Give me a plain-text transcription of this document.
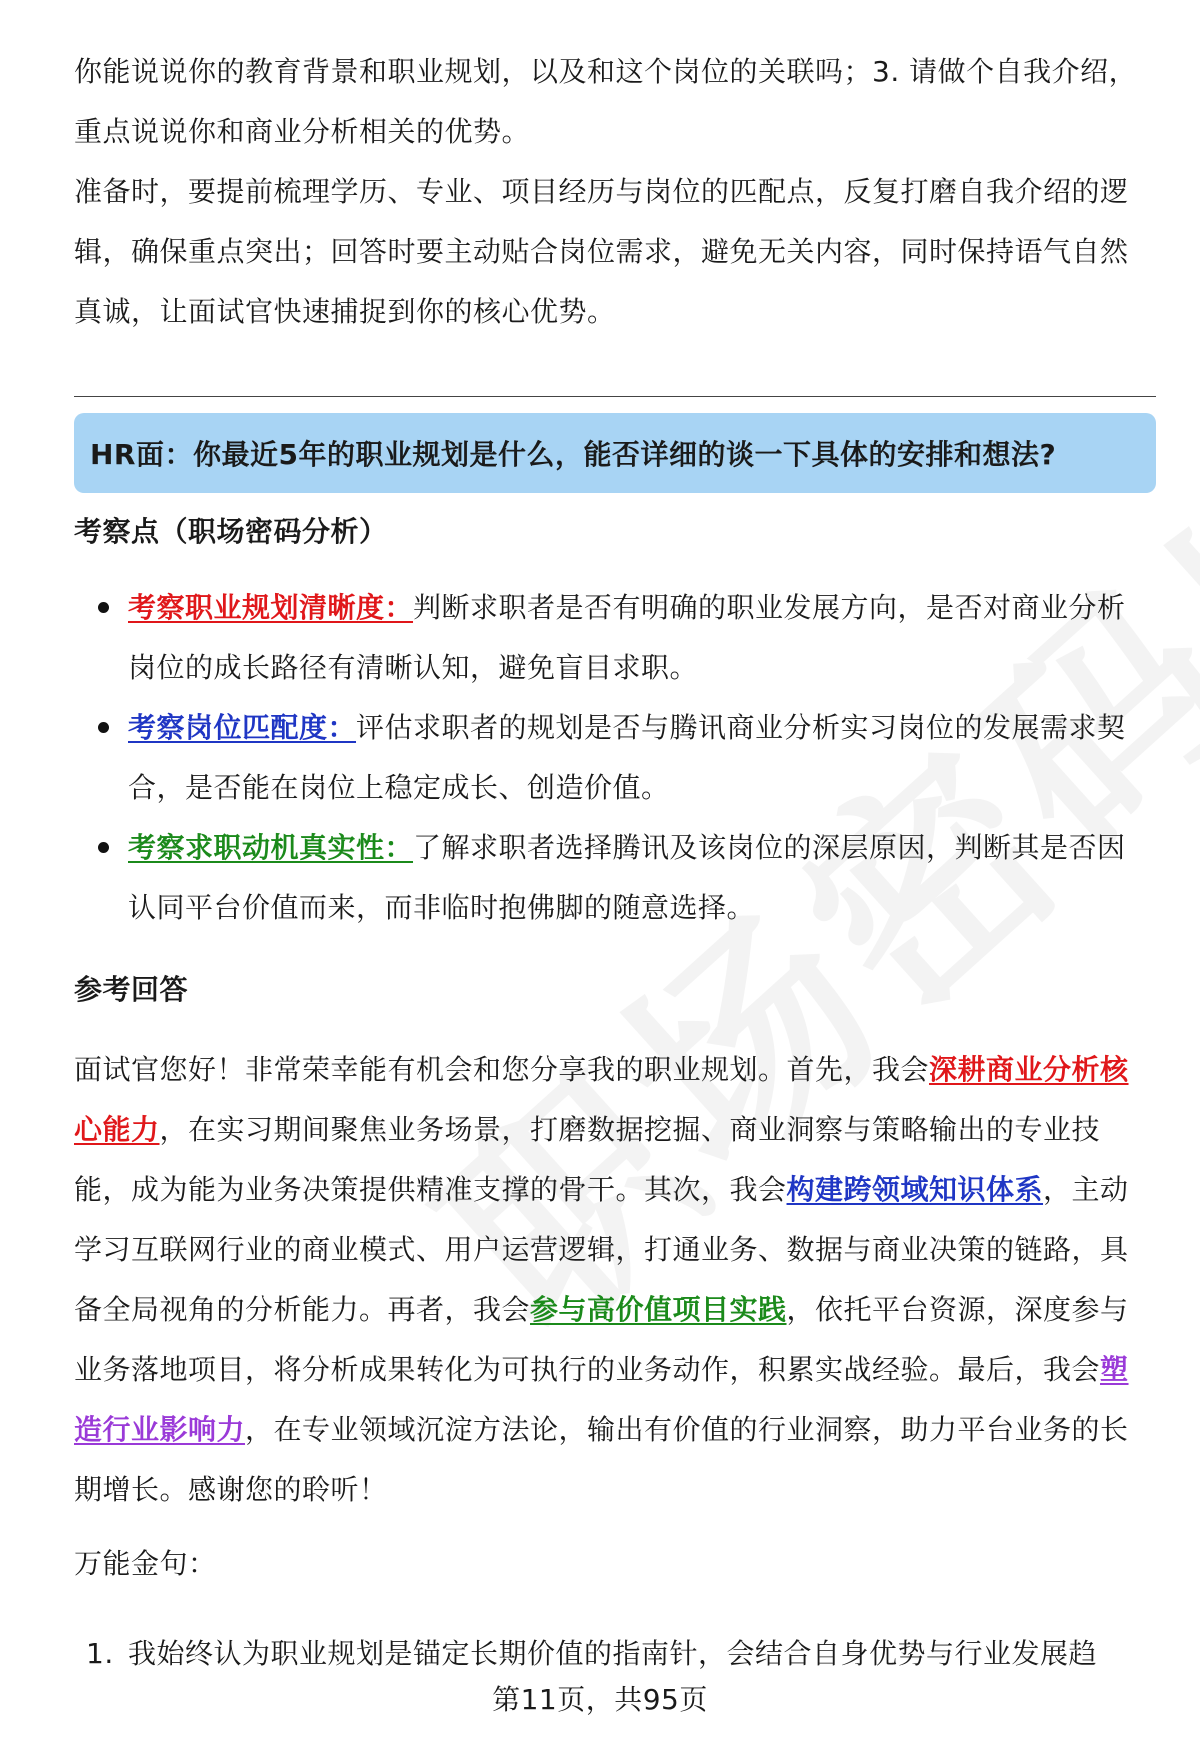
你能说说你的教育背景和职业规划，以及和这个岗位的关联吗；3. 请做个自我介绍，重点说说你和商业分析相关的优势。

准备时，要提前梳理学历、专业、项目经历与岗位的匹配点，反复打磨自我介绍的逻辑，确保重点突出；回答时要主动贴合岗位需求，避免无关内容，同时保持语气自然真诚，让面试官快速捕捉到你的核心优势。

HR面：你最近5年的职业规划是什么，能否详细的谈一下具体的安排和想法?
考察点（职场密码分析）
考察职业规划清晰度：判断求职者是否有明确的职业发展方向，是否对商业分析岗位的成长路径有清晰认知，避免盲目求职。
考察岗位匹配度：评估求职者的规划是否与腾讯商业分析实习岗位的发展需求契合，是否能在岗位上稳定成长、创造价值。
考察求职动机真实性：了解求职者选择腾讯及该岗位的深层原因，判断其是否因认同平台价值而来，而非临时抱佛脚的随意选择。
参考回答

面试官您好！非常荣幸能有机会和您分享我的职业规划。首先，我会深耕商业分析核心能力，在实习期间聚焦业务场景，打磨数据挖掘、商业洞察与策略输出的专业技能，成为能为业务决策提供精准支撑的骨干。其次，我会构建跨领域知识体系，主动学习互联网行业的商业模式、用户运营逻辑，打通业务、数据与商业决策的链路，具备全局视角的分析能力。再者，我会参与高价值项目实践，依托平台资源，深度参与业务落地项目，将分析成果转化为可执行的业务动作，积累实战经验。最后，我会塑造行业影响力，在专业领域沉淀方法论，输出有价值的行业洞察，助力平台业务的长期增长。感谢您的聆听！

万能金句：
1. 我始终认为职业规划是锚定长期价值的指南针，会结合自身优势与行业发展趋
第11页，共95页
